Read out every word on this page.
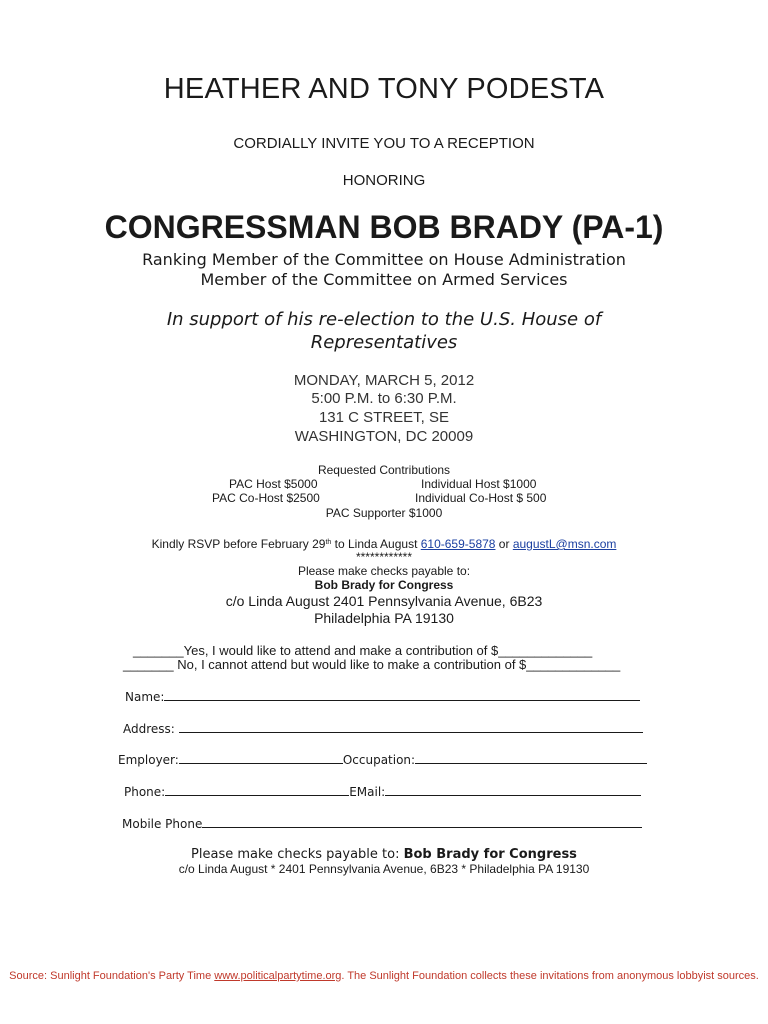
HEATHER AND TONY PODESTA
CORDIALLY INVITE YOU TO A RECEPTION
HONORING
CONGRESSMAN BOB BRADY (PA-1)
Ranking Member of the Committee on House Administration
Member of the Committee on Armed Services
In support of his re-election to the U.S. House of
Representatives
MONDAY, MARCH 5, 2012
5:00 P.M. to 6:30 P.M.
131 C STREET, SE
WASHINGTON, DC 20009
Requested Contributions
PAC Host $5000	Individual Host $1000
PAC Co-Host $2500	Individual Co-Host $ 500
PAC Supporter $1000
Kindly RSVP before February 29th to Linda August 610-659-5878 or augustL@msn.com
************
Please make checks payable to:
Bob Brady for Congress
c/o Linda August 2401 Pennsylvania Avenue, 6B23
Philadelphia PA 19130
_______Yes, I would like to attend and make a contribution of $_____________
_______ No, I cannot attend but would like to make a contribution of $_____________
Name:
Address:
Employer:	Occupation:
Phone:	EMail:
Mobile Phone
Please make checks payable to: Bob Brady for Congress
c/o Linda August * 2401 Pennsylvania Avenue, 6B23 * Philadelphia PA 19130
Source: Sunlight Foundation's Party Time www.politicalpartytime.org. The Sunlight Foundation collects these invitations from anonymous lobbyist sources.
